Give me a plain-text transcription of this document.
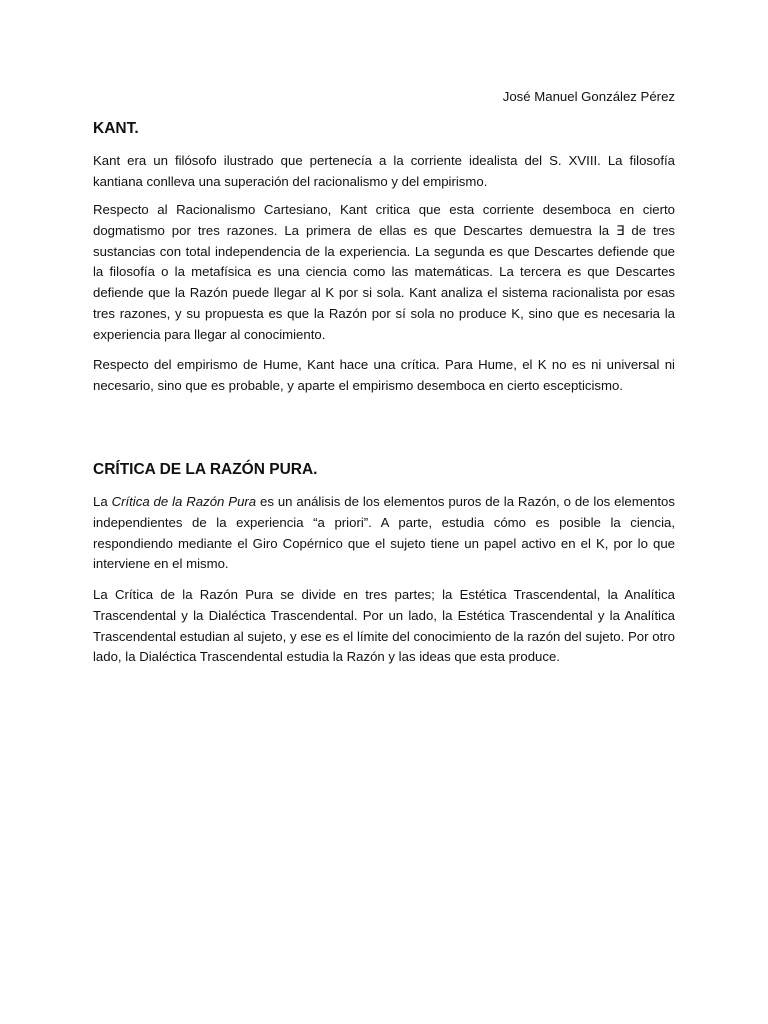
José Manuel González Pérez
KANT.

Kant era un filósofo ilustrado que pertenecía a la corriente idealista del S. XVIII. La filosofía kantiana conlleva una superación del racionalismo y del empirismo.

Respecto al Racionalismo Cartesiano, Kant critica que esta corriente desemboca en cierto dogmatismo por tres razones. La primera de ellas es que Descartes demuestra la ∃ de tres sustancias con total independencia de la experiencia. La segunda es que Descartes defiende que la filosofía o la metafísica es una ciencia como las matemáticas. La tercera es que Descartes defiende que la Razón puede llegar al K por si sola. Kant analiza el sistema racionalista por esas tres razones, y su propuesta es que la Razón por sí sola no produce K, sino que es necesaria la experiencia para llegar al conocimiento.

Respecto del empirismo de Hume, Kant hace una crítica. Para Hume, el K no es ni universal ni necesario, sino que es probable, y aparte el empirismo desemboca en cierto escepticismo.

CRÍTICA DE LA RAZÓN PURA.

La Crítica de la Razón Pura es un análisis de los elementos puros de la Razón, o de los elementos independientes de la experiencia “a priori”. A parte, estudia cómo es posible la ciencia, respondiendo mediante el Giro Copérnico que el sujeto tiene un papel activo en el K, por lo que interviene en el mismo.

La Crítica de la Razón Pura se divide en tres partes; la Estética Trascendental, la Analítica Trascendental y la Dialéctica Trascendental. Por un lado, la Estética Trascendental y la Analítica Trascendental estudian al sujeto, y ese es el límite del conocimiento de la razón del sujeto. Por otro lado, la Dialéctica Trascendental estudia la Razón y las ideas que esta produce.
